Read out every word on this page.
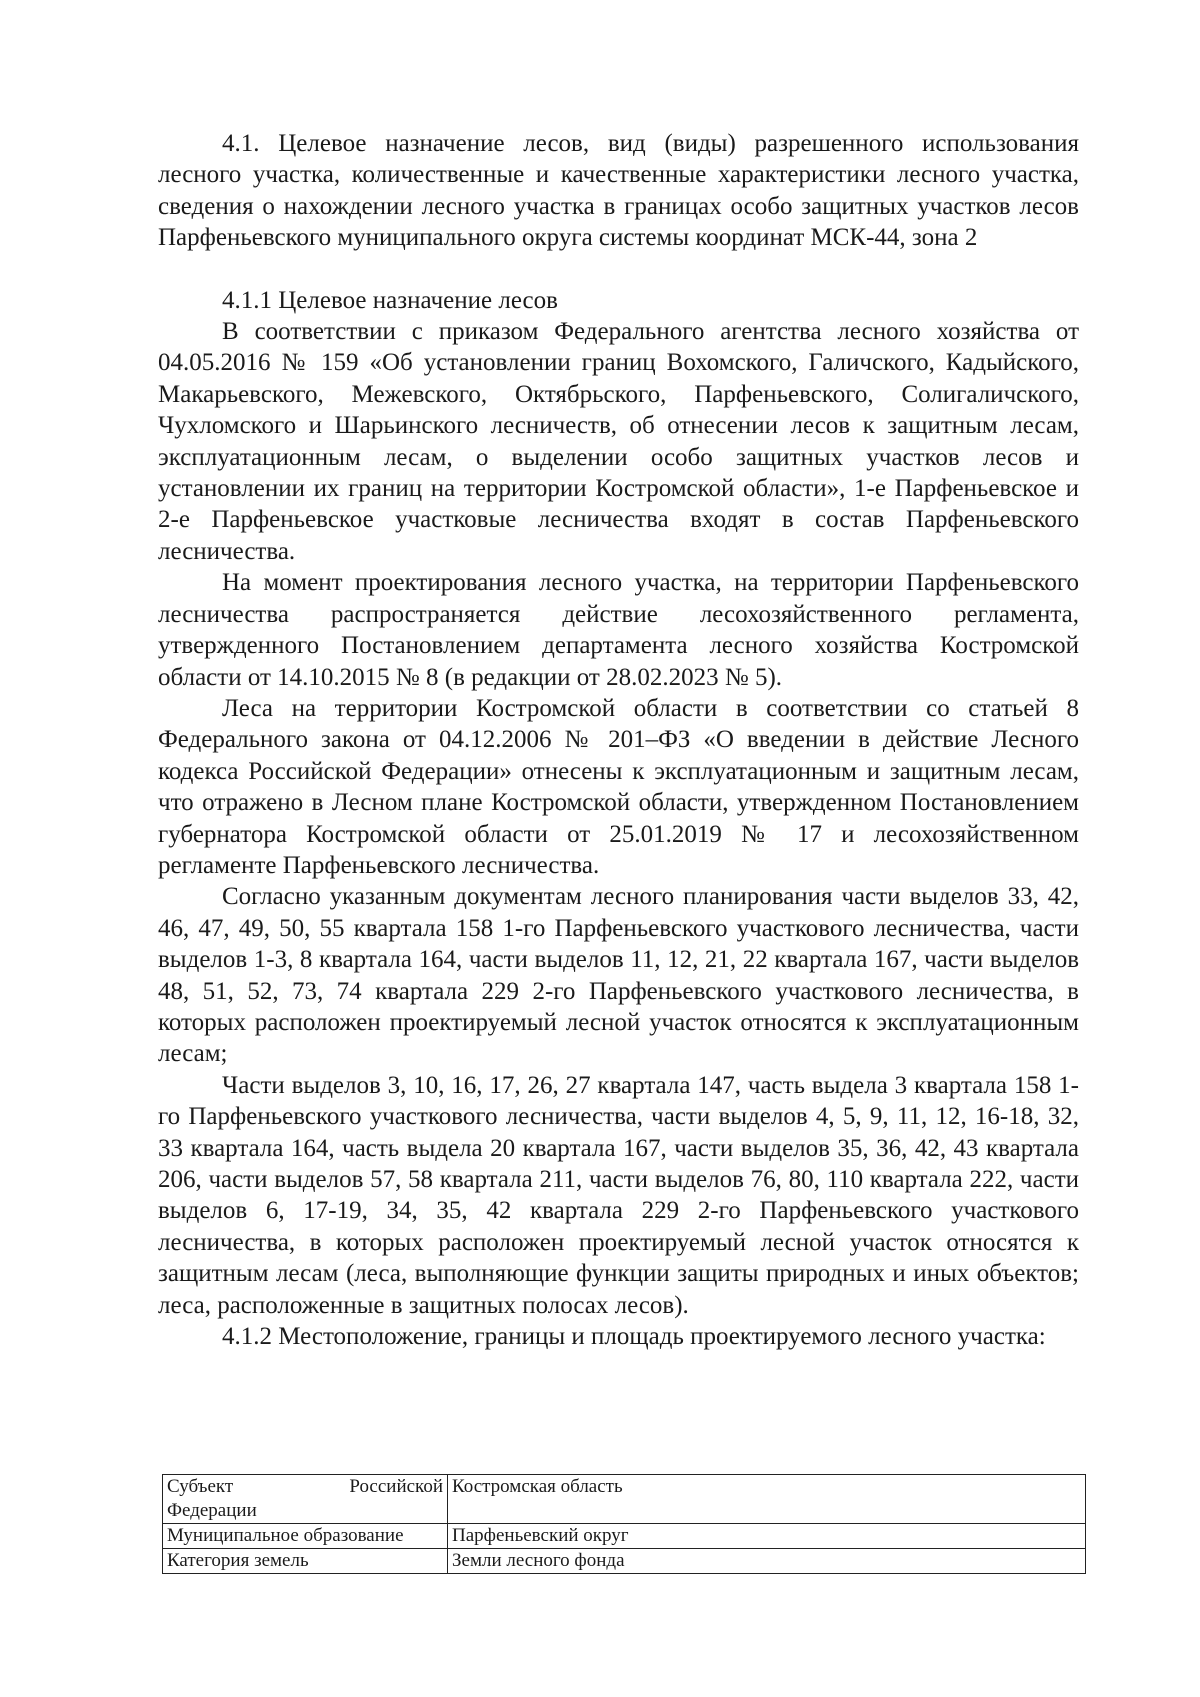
4.1. Целевое назначение лесов, вид (виды) разрешенного использования лесного участка, количественные и качественные характеристики лесного участка, сведения о нахождении лесного участка в границах особо защитных участков лесов Парфеньевского муниципального округа системы координат МСК-44, зона 2

4.1.1 Целевое назначение лесов

В соответствии с приказом Федерального агентства лесного хозяйства от 04.05.2016 № 159 «Об установлении границ Вохомского, Галичского, Кадыйского, Макарьевского, Межевского, Октябрьского, Парфеньевского, Солигаличского, Чухломского и Шарьинского лесничеств, об отнесении лесов к защитным лесам, эксплуатационным лесам, о выделении особо защитных участков лесов и установлении их границ на территории Костромской области», 1-е Парфеньевское и 2-е Парфеньевское участковые лесничества входят в состав Парфеньевского лесничества.

На момент проектирования лесного участка, на территории Парфеньевского лесничества распространяется действие лесохозяйственного регламента, утвержденного Постановлением департамента лесного хозяйства Костромской области от 14.10.2015 № 8 (в редакции от 28.02.2023 № 5).

Леса на территории Костромской области в соответствии со статьей 8 Федерального закона от 04.12.2006 № 201–ФЗ «О введении в действие Лесного кодекса Российской Федерации» отнесены к эксплуатационным и защитным лесам, что отражено в Лесном плане Костромской области, утвержденном Постановлением губернатора Костромской области от 25.01.2019 № 17 и лесохозяйственном регламенте Парфеньевского лесничества.

Согласно указанным документам лесного планирования части выделов 33, 42, 46, 47, 49, 50, 55 квартала 158 1-го Парфеньевского участкового лесничества, части выделов 1-3, 8 квартала 164, части выделов 11, 12, 21, 22 квартала 167, части выделов 48, 51, 52, 73, 74 квартала 229 2-го Парфеньевского участкового лесничества, в которых расположен проектируемый лесной участок относятся к эксплуатационным лесам;

Части выделов 3, 10, 16, 17, 26, 27 квартала 147, часть выдела 3 квартала 158 1-го Парфеньевского участкового лесничества, части выделов 4, 5, 9, 11, 12, 16-18, 32, 33 квартала 164, часть выдела 20 квартала 167, части выделов 35, 36, 42, 43 квартала 206, части выделов 57, 58 квартала 211, части выделов 76, 80, 110 квартала 222, части выделов 6, 17-19, 34, 35, 42 квартала 229 2-го Парфеньевского участкового лесничества, в которых расположен проектируемый лесной участок относятся к защитным лесам (леса, выполняющие функции защиты природных и иных объектов; леса, расположенные в защитных полосах лесов).

4.1.2 Местоположение, границы и площадь проектируемого лесного участка:

Субъект Российской
Федерации	Костромская область
Муниципальное образование	Парфеньевский округ
Категория земель	Земли лесного фонда
